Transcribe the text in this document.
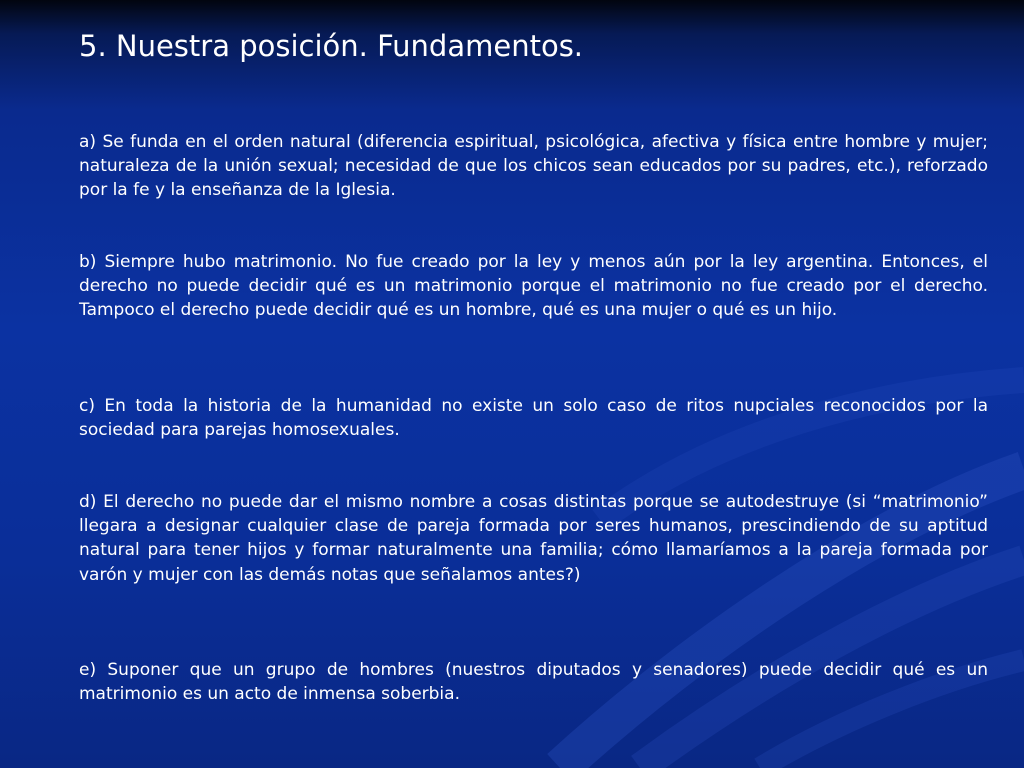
5. Nuestra posición. Fundamentos.

a) Se funda en el orden natural (diferencia espiritual, psicológica, afectiva y física entre hombre y mujer; naturaleza de la unión sexual; necesidad de que los chicos sean educados por su padres, etc.), reforzado por la fe y la enseñanza de la Iglesia.

b) Siempre hubo matrimonio. No fue creado por la ley y menos aún por la ley argentina. Entonces, el derecho no puede decidir qué es un matrimonio porque el matrimonio no fue creado por el derecho. Tampoco el derecho puede decidir qué es un hombre, qué es una mujer o qué es un hijo.

c) En toda la historia de la humanidad no existe un solo caso de ritos nupciales reconocidos por la sociedad para parejas homosexuales.

d) El derecho no puede dar el mismo nombre a cosas distintas porque se autodestruye (si “matrimonio” llegara a designar cualquier clase de pareja formada por seres humanos, prescindiendo de su aptitud natural para tener hijos y formar naturalmente una familia; cómo llamaríamos a la pareja formada por varón y mujer con las demás notas que señalamos antes?)

e) Suponer que un grupo de hombres (nuestros diputados y senadores) puede decidir qué es un matrimonio es un acto de inmensa soberbia.
